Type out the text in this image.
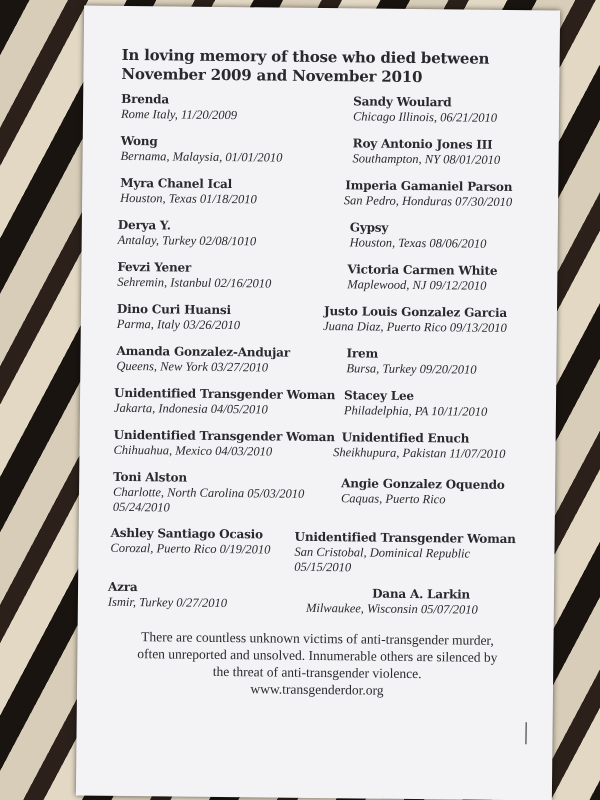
In loving memory of those who died between November 2009 and November 2010
Brenda
Rome Italy, 11/20/2009
Wong
Bernama, Malaysia, 01/01/2010
Myra Chanel Ical
Houston, Texas 01/18/2010
Derya Y.
Antalay, Turkey 02/08/1010
Fevzi Yener
Sehremin, Istanbul 02/16/2010
Dino Curi Huansi
Parma, Italy 03/26/2010
Amanda Gonzalez-Andujar
Queens, New York 03/27/2010
Unidentified Transgender Woman
Jakarta, Indonesia 04/05/2010
Unidentified Transgender Woman
Chihuahua, Mexico 04/03/2010
Toni Alston
Charlotte, North Carolina 05/03/2010 05/24/2010
Ashley Santiago Ocasio
Corozal, Puerto Rico 0/19/2010
Azra
Ismir, Turkey 0/27/2010
Sandy Woulard
Chicago Illinois, 06/21/2010
Roy Antonio Jones III
Southampton, NY 08/01/2010
Imperia Gamaniel Parson
San Pedro, Honduras 07/30/2010
Gypsy
Houston, Texas 08/06/2010
Victoria Carmen White
Maplewood, NJ 09/12/2010
Justo Louis Gonzalez Garcia
Juana Diaz, Puerto Rico 09/13/2010
Irem
Bursa, Turkey 09/20/2010
Stacey Lee
Philadelphia, PA 10/11/2010
Unidentified Enuch
Sheikhupura, Pakistan 11/07/2010
Angie Gonzalez Oquendo
Caquas, Puerto Rico
Unidentified Transgender Woman
San Cristobal, Dominical Republic 05/15/2010
Dana A. Larkin
Milwaukee, Wisconsin 05/07/2010
There are countless unknown victims of anti-transgender murder,
often unreported and unsolved. Innumerable others are silenced by
the threat of anti-transgender violence.
www.transgenderdor.org
